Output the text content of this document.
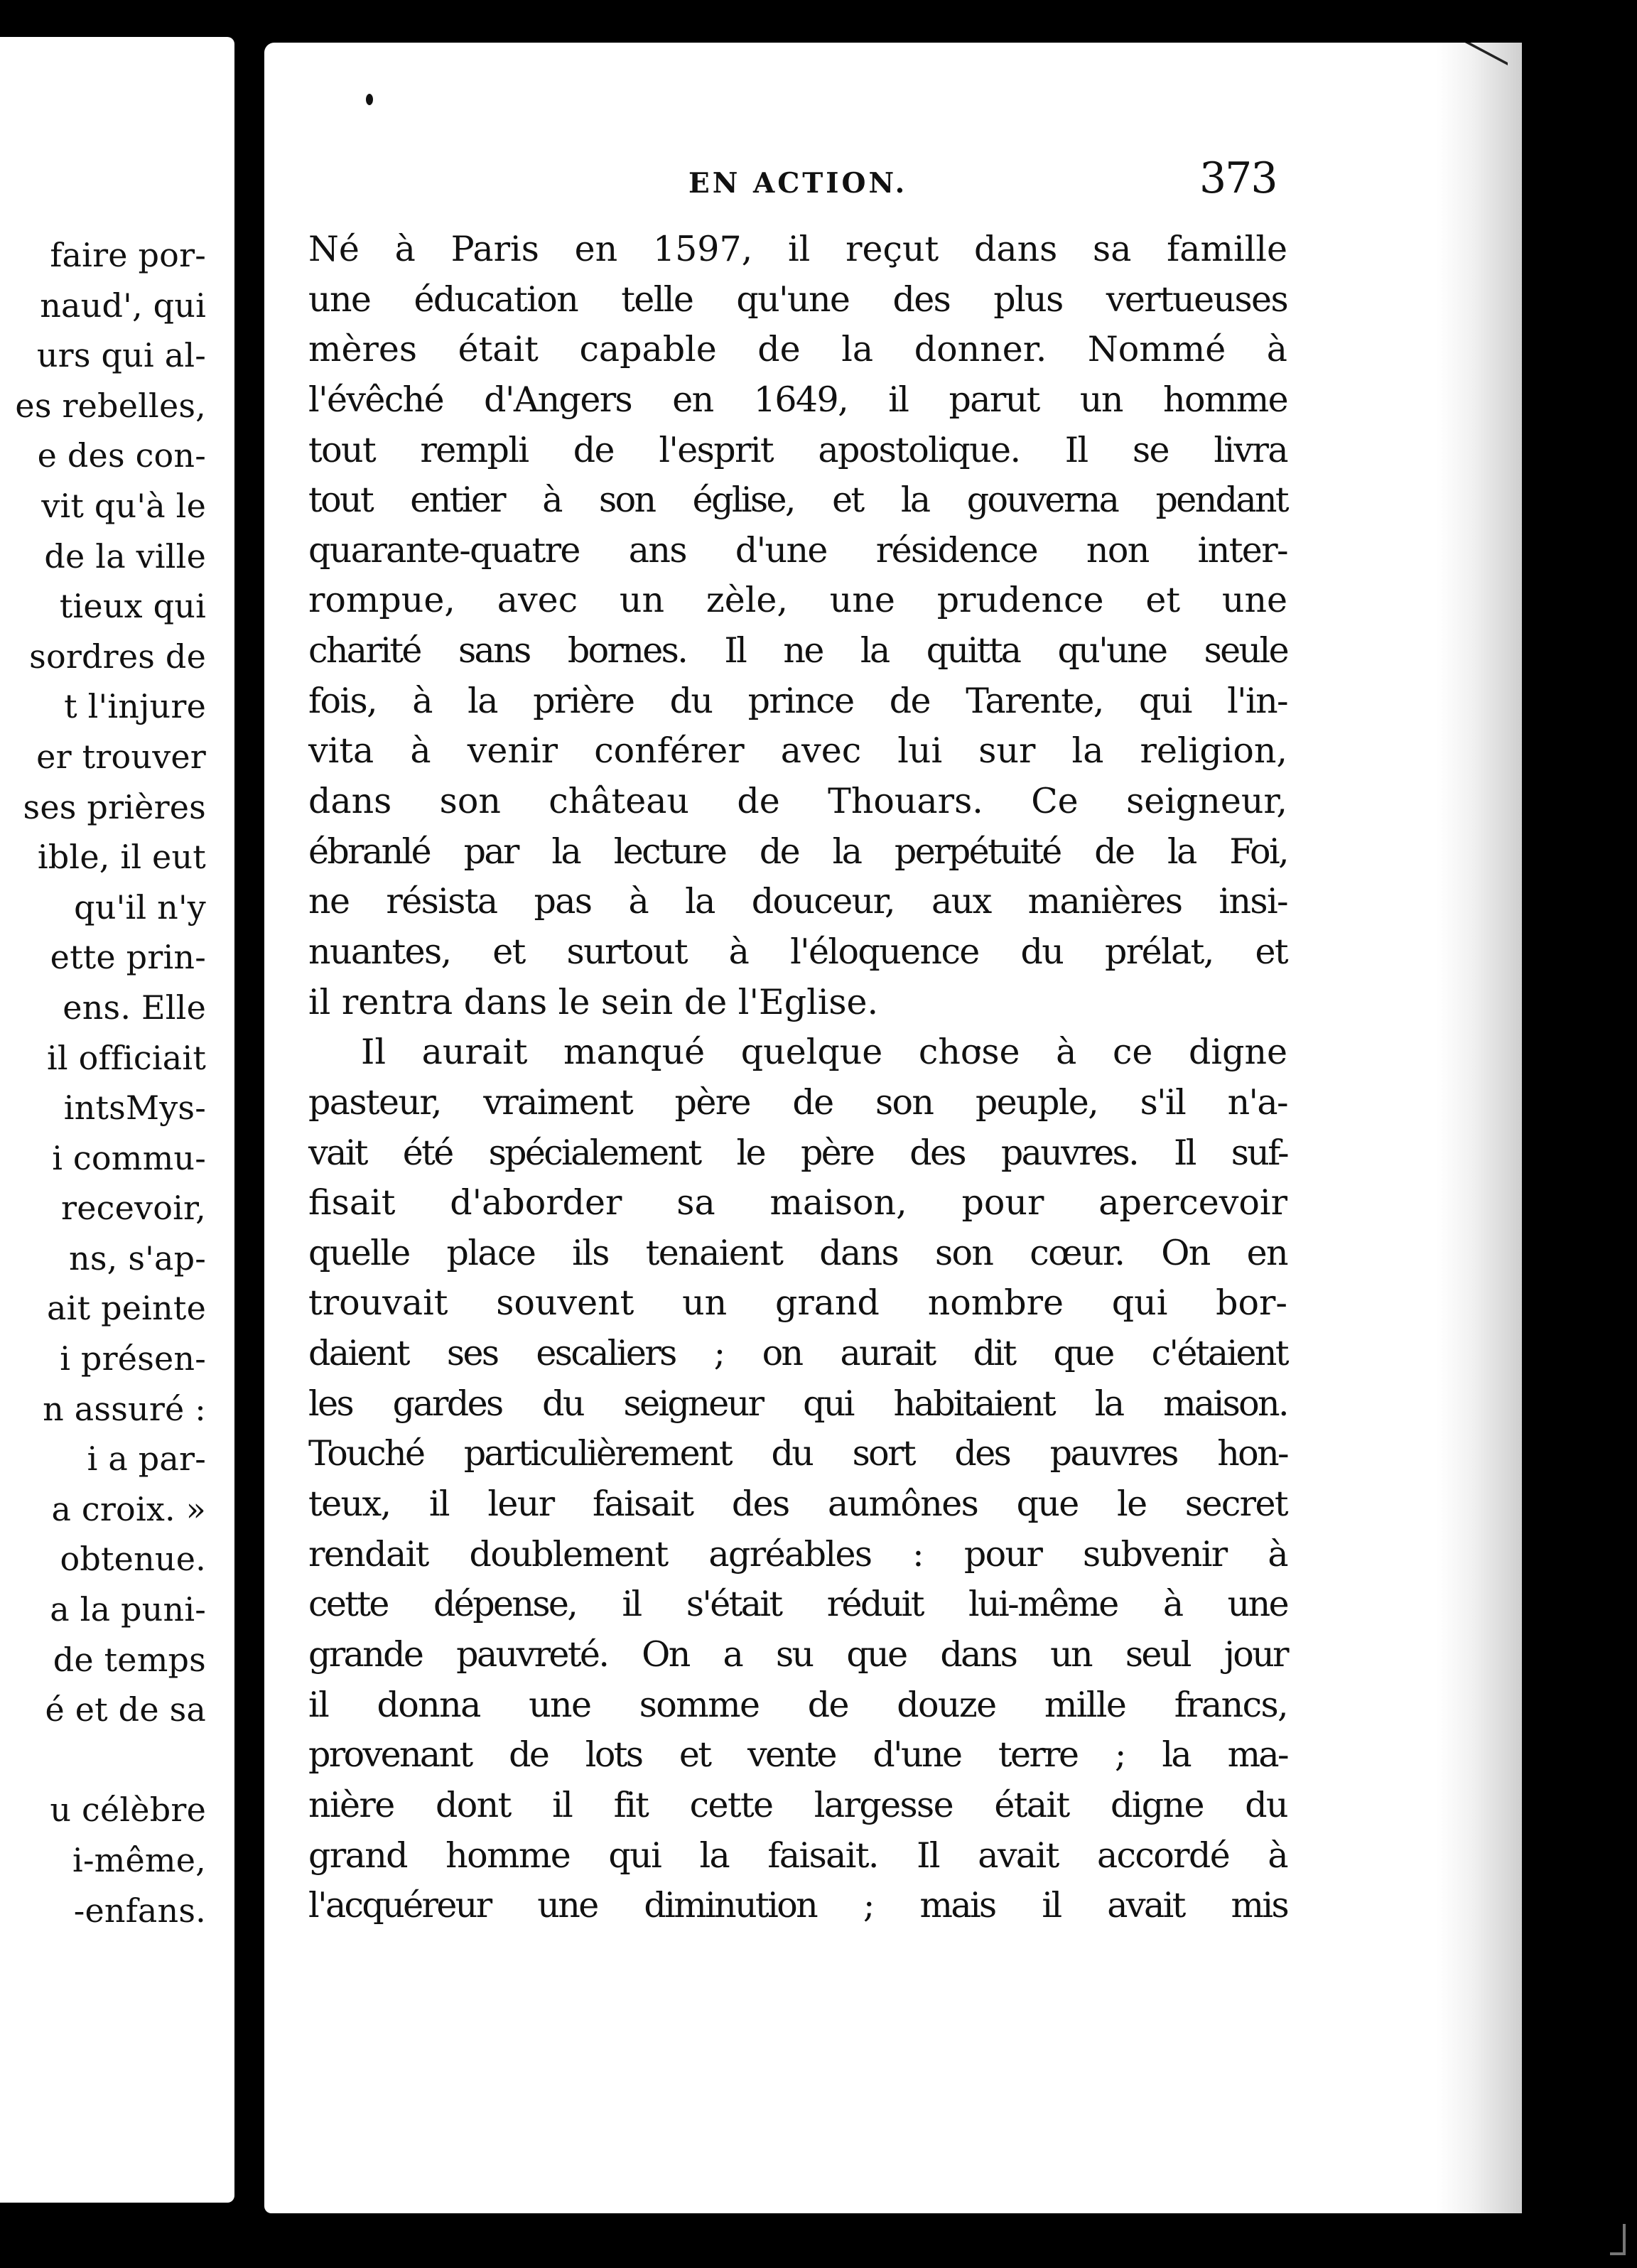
faire por-
naud', qui
urs qui al-
es rebelles,
e des con-
vit qu'à le
de la ville
tieux qui
sordres de
t l'injure
er trouver
ses prières
ible, il eut
qu'il n'y
ette prin-
ens. Elle
il officiait
intsMys-
i commu-
recevoir,
ns, s'ap-
ait peinte
i présen-
n assuré :
i a par-
a croix. »
obtenue.
a la puni-
de temps
é et de sa

u célèbre
i-même,
-enfans.
EN ACTION.	373
Né à Paris en 1597, il reçut dans sa famille
une éducation telle qu'une des plus vertueuses
mères était capable de la donner. Nommé à
l'évêché d'Angers en 1649, il parut un homme
tout rempli de l'esprit apostolique. Il se livra
tout entier à son église, et la gouverna pendant
quarante-quatre ans d'une résidence non inter-
rompue, avec un zèle, une prudence et une
charité sans bornes. Il ne la quitta qu'une seule
fois, à la prière du prince de Tarente, qui l'in-
vita à venir conférer avec lui sur la religion,
dans son château de Thouars. Ce seigneur,
ébranlé par la lecture de la perpétuité de la Foi,
ne résista pas à la douceur, aux manières insi-
nuantes, et surtout à l'éloquence du prélat, et
il rentra dans le sein de l'Eglise.
Il aurait manqué quelque chose à ce digne
pasteur, vraiment père de son peuple, s'il n'a-
vait été spécialement le père des pauvres. Il suf-
fisait d'aborder sa maison, pour apercevoir
quelle place ils tenaient dans son cœur. On en
trouvait souvent un grand nombre qui bor-
daient ses escaliers ; on aurait dit que c'étaient
les gardes du seigneur qui habitaient la maison.
Touché particulièrement du sort des pauvres hon-
teux, il leur faisait des aumônes que le secret
rendait doublement agréables : pour subvenir à
cette dépense, il s'était réduit lui-même à une
grande pauvreté. On a su que dans un seul jour
il donna une somme de douze mille francs,
provenant de lots et vente d'une terre ; la ma-
nière dont il fit cette largesse était digne du
grand homme qui la faisait. Il avait accordé à
l'acquéreur une diminution ; mais il avait mis
